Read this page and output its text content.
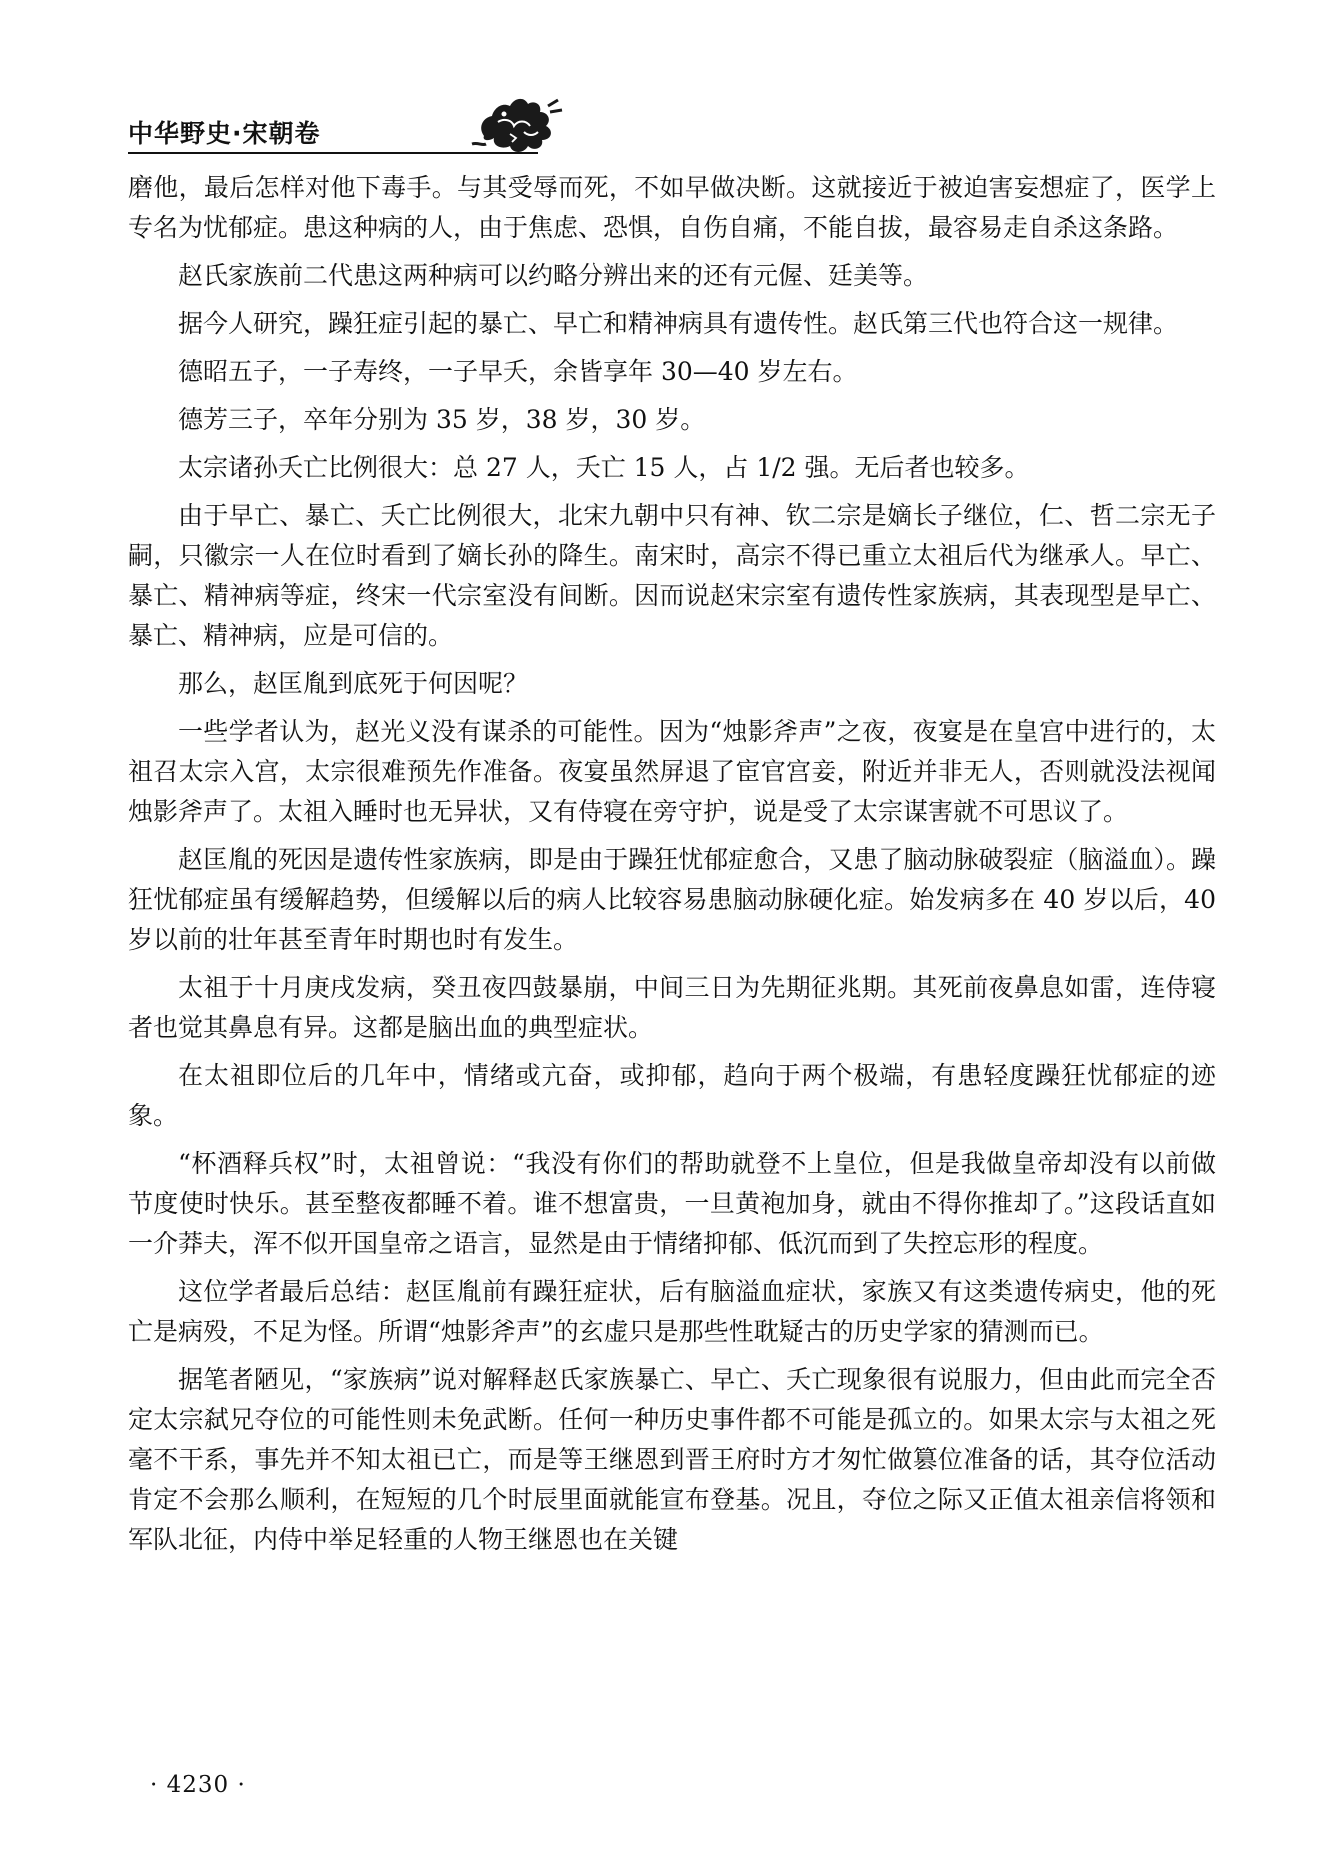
中华野史·宋朝卷

磨他，最后怎样对他下毒手。与其受辱而死，不如早做决断。这就接近于被迫害妄想症了，医学上专名为忧郁症。患这种病的人，由于焦虑、恐惧，自伤自痛，不能自拔，最容易走自杀这条路。

赵氏家族前二代患这两种病可以约略分辨出来的还有元偓、廷美等。

据今人研究，躁狂症引起的暴亡、早亡和精神病具有遗传性。赵氏第三代也符合这一规律。

德昭五子，一子寿终，一子早夭，余皆享年 30—40 岁左右。

德芳三子，卒年分别为 35 岁，38 岁，30 岁。

太宗诸孙夭亡比例很大：总 27 人，夭亡 15 人，占 1/2 强。无后者也较多。

由于早亡、暴亡、夭亡比例很大，北宋九朝中只有神、钦二宗是嫡长子继位，仁、哲二宗无子嗣，只徽宗一人在位时看到了嫡长孙的降生。南宋时，高宗不得已重立太祖后代为继承人。早亡、暴亡、精神病等症，终宋一代宗室没有间断。因而说赵宋宗室有遗传性家族病，其表现型是早亡、暴亡、精神病，应是可信的。

那么，赵匡胤到底死于何因呢？

一些学者认为，赵光义没有谋杀的可能性。因为“烛影斧声”之夜，夜宴是在皇宫中进行的，太祖召太宗入宫，太宗很难预先作准备。夜宴虽然屏退了宦官宫妾，附近并非无人，否则就没法视闻烛影斧声了。太祖入睡时也无异状，又有侍寝在旁守护，说是受了太宗谋害就不可思议了。

赵匡胤的死因是遗传性家族病，即是由于躁狂忧郁症愈合，又患了脑动脉破裂症（脑溢血）。躁狂忧郁症虽有缓解趋势，但缓解以后的病人比较容易患脑动脉硬化症。始发病多在 40 岁以后，40 岁以前的壮年甚至青年时期也时有发生。

太祖于十月庚戌发病，癸丑夜四鼓暴崩，中间三日为先期征兆期。其死前夜鼻息如雷，连侍寝者也觉其鼻息有异。这都是脑出血的典型症状。

在太祖即位后的几年中，情绪或亢奋，或抑郁，趋向于两个极端，有患轻度躁狂忧郁症的迹象。

“杯酒释兵权”时，太祖曾说：“我没有你们的帮助就登不上皇位，但是我做皇帝却没有以前做节度使时快乐。甚至整夜都睡不着。谁不想富贵，一旦黄袍加身，就由不得你推却了。”这段话直如一介莽夫，浑不似开国皇帝之语言，显然是由于情绪抑郁、低沉而到了失控忘形的程度。

这位学者最后总结：赵匡胤前有躁狂症状，后有脑溢血症状，家族又有这类遗传病史，他的死亡是病殁，不足为怪。所谓“烛影斧声”的玄虚只是那些性耽疑古的历史学家的猜测而已。

据笔者陋见，“家族病”说对解释赵氏家族暴亡、早亡、夭亡现象很有说服力，但由此而完全否定太宗弑兄夺位的可能性则未免武断。任何一种历史事件都不可能是孤立的。如果太宗与太祖之死毫不干系，事先并不知太祖已亡，而是等王继恩到晋王府时方才匆忙做篡位准备的话，其夺位活动肯定不会那么顺利，在短短的几个时辰里面就能宣布登基。况且，夺位之际又正值太祖亲信将领和军队北征，内侍中举足轻重的人物王继恩也在关键

· 4230 ·
